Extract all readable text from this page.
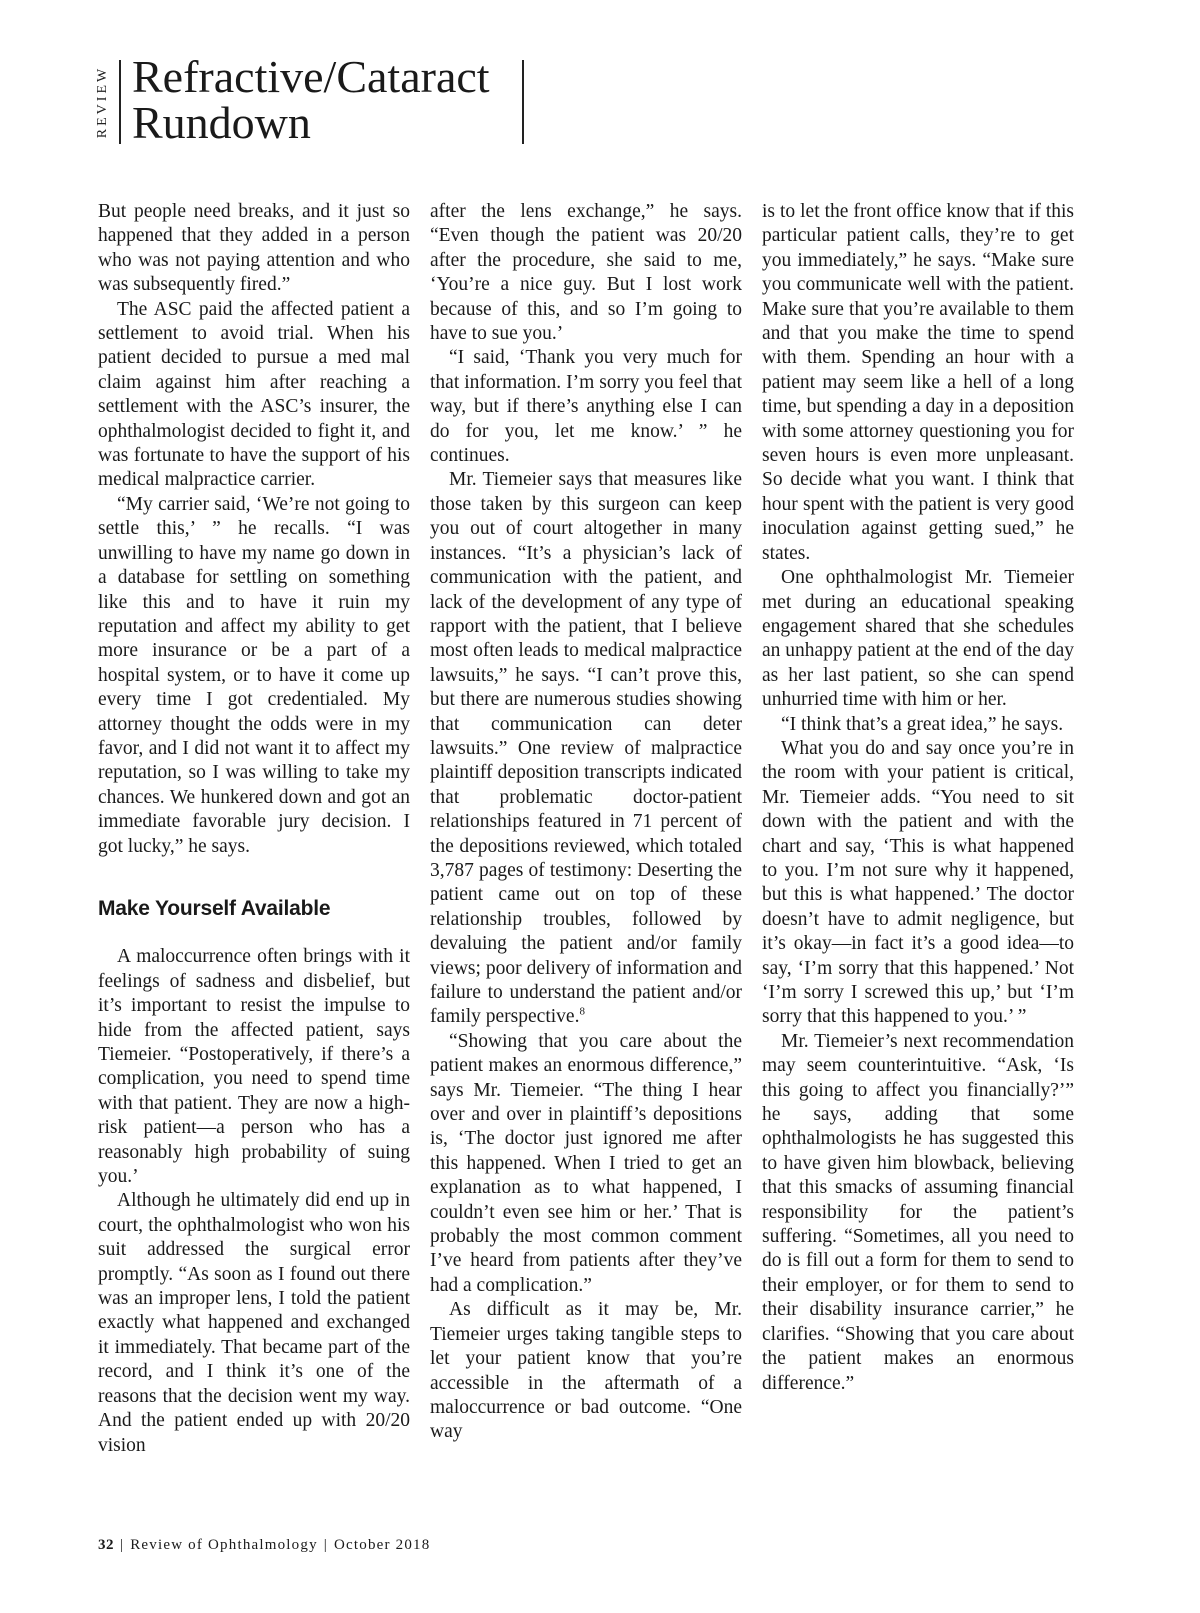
REVIEW Refractive/Cataract
Rundown

But people need breaks, and it just so happened that they added in a person who was not paying attention and who was subsequently fired.”

The ASC paid the affected patient a settlement to avoid trial. When his patient decided to pursue a med mal claim against him after reaching a settlement with the ASC’s insurer, the ophthalmologist decided to fight it, and was fortunate to have the support of his medical malpractice carrier.

“My carrier said, ‘We’re not going to settle this,’ ” he recalls. “I was unwilling to have my name go down in a database for settling on something like this and to have it ruin my reputation and affect my ability to get more insurance or be a part of a hospital system, or to have it come up every time I got credentialed. My attorney thought the odds were in my favor, and I did not want it to affect my reputation, so I was willing to take my chances. We hunkered down and got an immediate favorable jury decision. I got lucky,” he says.

Make Yourself Available

A maloccurrence often brings with it feelings of sadness and disbelief, but it’s important to resist the impulse to hide from the affected patient, says Tiemeier. “Postoperatively, if there’s a complication, you need to spend time with that patient. They are now a high-risk patient—a person who has a reasonably high probability of suing you.’

Although he ultimately did end up in court, the ophthalmologist who won his suit addressed the surgical error promptly. “As soon as I found out there was an improper lens, I told the patient exactly what happened and exchanged it immediately. That became part of the record, and I think it’s one of the reasons that the decision went my way. And the patient ended up with 20/20 vision

after the lens exchange,” he says. “Even though the patient was 20/20 after the procedure, she said to me, ‘You’re a nice guy. But I lost work because of this, and so I’m going to have to sue you.’

“I said, ‘Thank you very much for that information. I’m sorry you feel that way, but if there’s anything else I can do for you, let me know.’ ” he continues.

Mr. Tiemeier says that measures like those taken by this surgeon can keep you out of court altogether in many instances. “It’s a physician’s lack of communication with the patient, and lack of the development of any type of rapport with the patient, that I believe most often leads to medical malpractice lawsuits,” he says. “I can’t prove this, but there are numerous studies showing that communication can deter lawsuits.” One review of malpractice plaintiff deposition transcripts indicated that problematic doctor-patient relationships featured in 71 percent of the depositions reviewed, which totaled 3,787 pages of testimony: Deserting the patient came out on top of these relationship troubles, followed by devaluing the patient and/or family views; poor delivery of information and failure to understand the patient and/or family perspective.$^8$

“Showing that you care about the patient makes an enormous difference,” says Mr. Tiemeier. “The thing I hear over and over in plaintiff’s depositions is, ‘The doctor just ignored me after this happened. When I tried to get an explanation as to what happened, I couldn’t even see him or her.’ That is probably the most common comment I’ve heard from patients after they’ve had a complication.”

As difficult as it may be, Mr. Tiemeier urges taking tangible steps to let your patient know that you’re accessible in the aftermath of a maloccurrence or bad outcome. “One way

is to let the front office know that if this particular patient calls, they’re to get you immediately,” he says. “Make sure you communicate well with the patient. Make sure that you’re available to them and that you make the time to spend with them. Spending an hour with a patient may seem like a hell of a long time, but spending a day in a deposition with some attorney questioning you for seven hours is even more unpleasant. So decide what you want. I think that hour spent with the patient is very good inoculation against getting sued,” he states.

One ophthalmologist Mr. Tiemeier met during an educational speaking engagement shared that she schedules an unhappy patient at the end of the day as her last patient, so she can spend unhurried time with him or her.

“I think that’s a great idea,” he says.

What you do and say once you’re in the room with your patient is critical, Mr. Tiemeier adds. “You need to sit down with the patient and with the chart and say, ‘This is what happened to you. I’m not sure why it happened, but this is what happened.’ The doctor doesn’t have to admit negligence, but it’s okay—in fact it’s a good idea—to say, ‘I’m sorry that this happened.’ Not ‘I’m sorry I screwed this up,’ but ‘I’m sorry that this happened to you.’ ”

Mr. Tiemeier’s next recommendation may seem counterintuitive. “Ask, ‘Is this going to affect you financially?’” he says, adding that some ophthalmologists he has suggested this to have given him blowback, believing that this smacks of assuming financial responsibility for the patient’s suffering. “Sometimes, all you need to do is fill out a form for them to send to their employer, or for them to send to their disability insurance carrier,” he clarifies. “Showing that you care about the patient makes an enormous difference.”

32 | Review of Ophthalmology | October 2018
